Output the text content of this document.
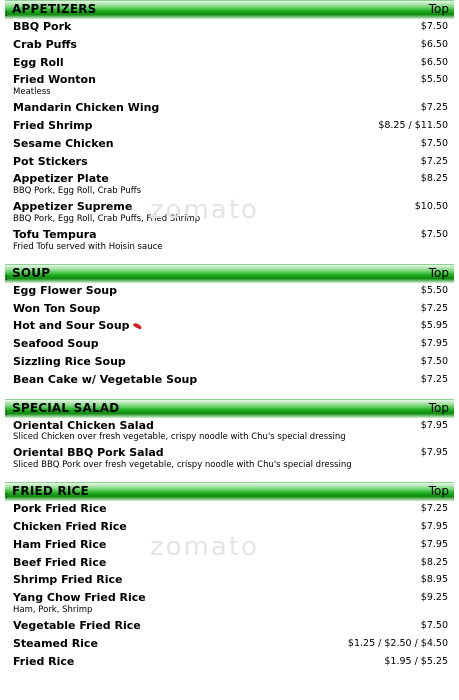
APPETIZERS
:	Top
BBQ Pork	$7.50
Crab Puffs	$6.50
Egg Roll	$6.50
Fried Wonton	$5.50
Meatless
Mandarin Chicken Wing	$7.25
Fried Shrimp	$8.25 / $11.50
Sesame Chicken	$7.50
Pot Stickers	$7.25
Appetizer Plate	$8.25
BBQ Pork, Egg Roll, Crab Puffs
Appetizer Supreme	$10.50
BBQ Pork, Egg Roll, Crab Puffs, Fried Shrimp
Tofu Tempura	$7.50
Fried Tofu served with Hoisin sauce
SOUP
:	Top
Egg Flower Soup	$5.50
Won Ton Soup	$7.25
Hot and Sour Soup	$5.95
Seafood Soup	$7.95
Sizzling Rice Soup	$7.50
Bean Cake w/ Vegetable Soup	$7.25
SPECIAL SALAD
:	Top
Oriental Chicken Salad	$7.95
Sliced Chicken over fresh vegetable, crispy noodle with Chu's special dressing
Oriental BBQ Pork Salad	$7.95
Sliced BBQ Pork over fresh vegetable, crispy noodle with Chu's special dressing
FRIED RICE
:	Top
Pork Fried Rice	$7.25
Chicken Fried Rice	$7.95
Ham Fried Rice	$7.95
Beef Fried Rice	$8.25
Shrimp Fried Rice	$8.95
Yang Chow Fried Rice	$9.25
Ham, Pork, Shrimp
Vegetable Fried Rice	$7.50
Steamed Rice	$1.25 / $2.50 / $4.50
Fried Rice	$1.95 / $5.25
zomato
zomato
